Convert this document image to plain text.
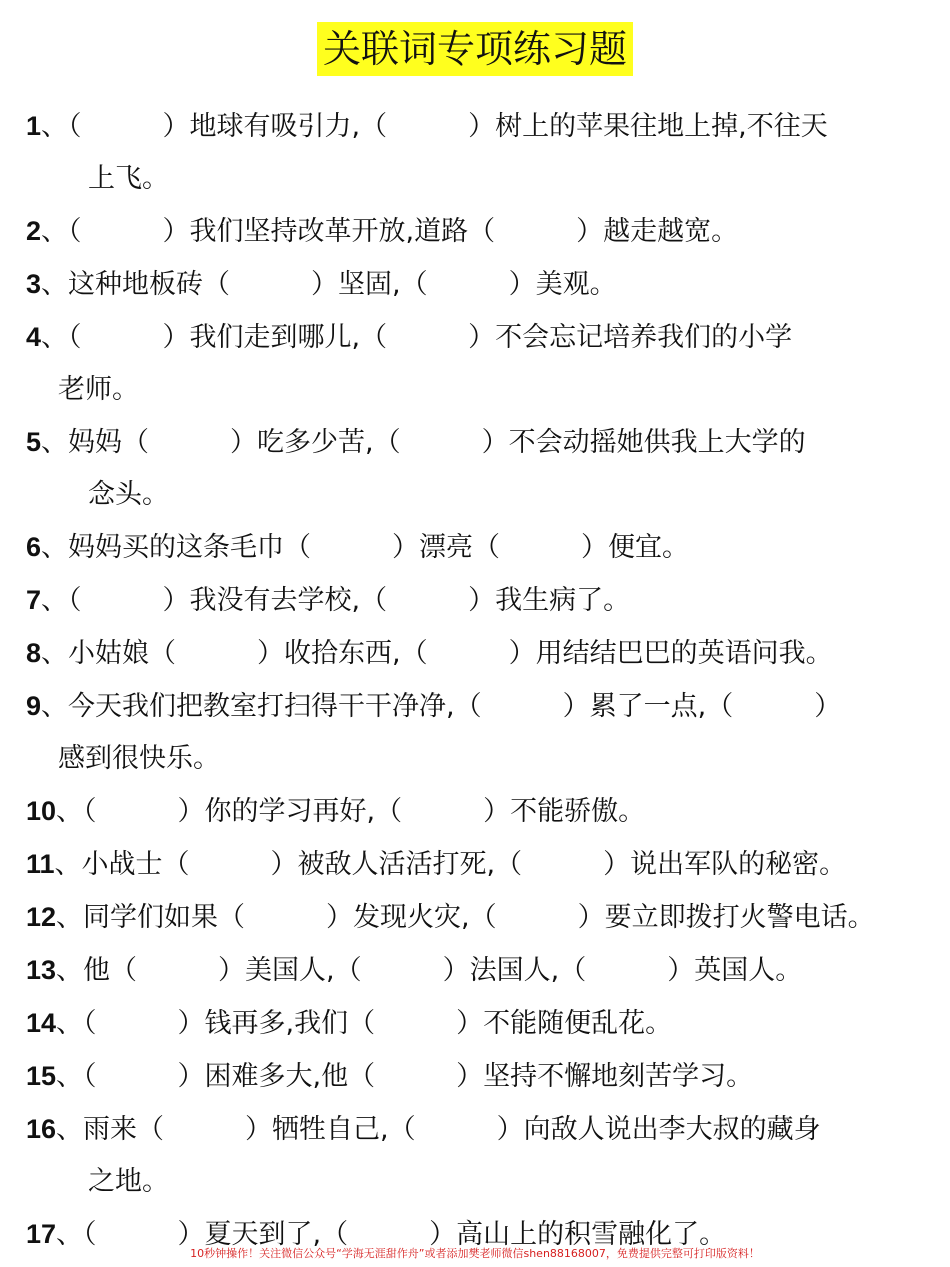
关联词专项练习题
1、（　　　）地球有吸引力,（　　　）树上的苹果往地上掉,不往天
上飞。
2、（　　　）我们坚持改革开放,道路（　　　）越走越宽。
3、这种地板砖（　　　）坚固,（　　　）美观。
4、（　　　）我们走到哪儿,（　　　）不会忘记培养我们的小学
老师。
5、妈妈（　　　）吃多少苦,（　　　）不会动摇她供我上大学的
念头。
6、妈妈买的这条毛巾（　　　）漂亮（　　　）便宜。
7、（　　　）我没有去学校,（　　　）我生病了。
8、小姑娘（　　　）收拾东西,（　　　）用结结巴巴的英语问我。
9、今天我们把教室打扫得干干净净,（　　　）累了一点,（　　　）
感到很快乐。
10、（　　　）你的学习再好,（　　　）不能骄傲。
11、小战士（　　　）被敌人活活打死,（　　　）说出军队的秘密。
12、同学们如果（　　　）发现火灾,（　　　）要立即拨打火警电话。
13、他（　　　）美国人,（　　　）法国人,（　　　）英国人。
14、（　　　）钱再多,我们（　　　）不能随便乱花。
15、（　　　）困难多大,他（　　　）坚持不懈地刻苦学习。
16、雨来（　　　）牺牲自己,（　　　）向敌人说出李大叔的藏身
之地。
17、（　　　）夏天到了,（　　　）高山上的积雪融化了。
10秒钟操作！关注微信公众号“学海无涯甜作舟”或者添加樊老师微信shen88168007，免费提供完整可打印版资料！
